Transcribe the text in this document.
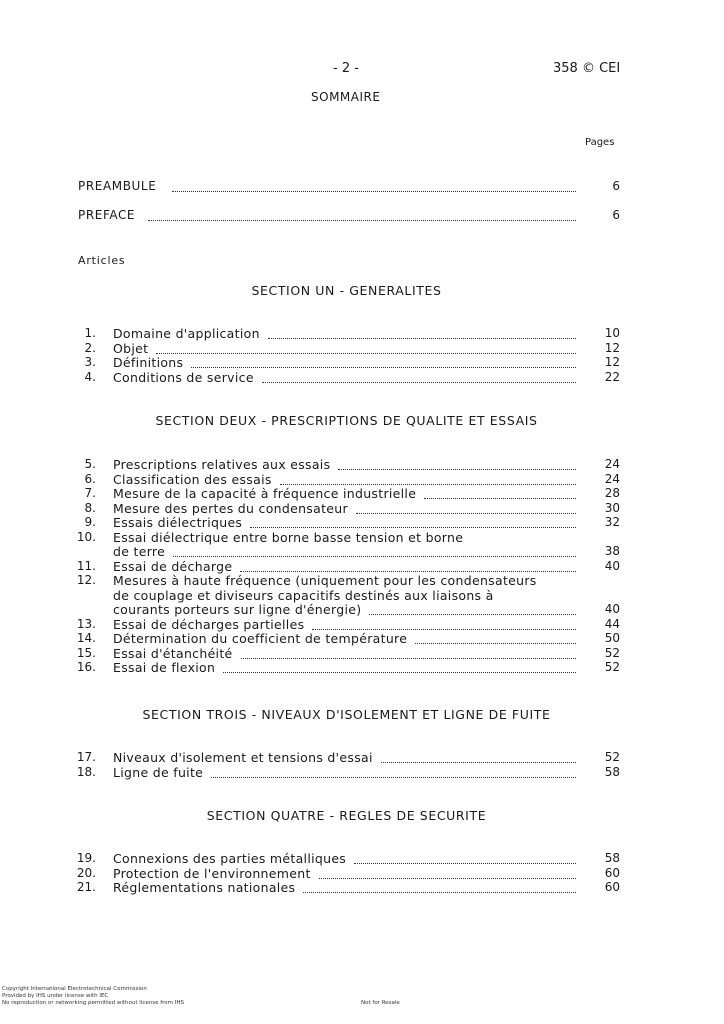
- 2 -	358 © CEI
SOMMAIRE
Pages
PREAMBULE	6
PREFACE	6
Articles
SECTION UN - GENERALITES
1. Domaine d'application	10
2. Objet	12
3. Définitions	12
4. Conditions de service	22
SECTION DEUX - PRESCRIPTIONS DE QUALITE ET ESSAIS
5. Prescriptions relatives aux essais	24
6. Classification des essais	24
7. Mesure de la capacité à fréquence industrielle	28
8. Mesure des pertes du condensateur	30
9. Essais diélectriques	32
10. Essai diélectrique entre borne basse tension et borne
de terre	38
11. Essai de décharge	40
12. Mesures à haute fréquence (uniquement pour les condensateurs
de couplage et diviseurs capacitifs destinés aux liaisons à
courants porteurs sur ligne d'énergie)	40
13. Essai de décharges partielles	44
14. Détermination du coefficient de température	50
15. Essai d'étanchéité	52
16. Essai de flexion	52
SECTION TROIS - NIVEAUX D'ISOLEMENT ET LIGNE DE FUITE
17. Niveaux d'isolement et tensions d'essai	52
18. Ligne de fuite	58
SECTION QUATRE - REGLES DE SECURITE
19. Connexions des parties métalliques	58
20. Protection de l'environnement	60
21. Réglementations nationales	60
Copyright International Electrotechnical Commission
Provided by IHS under license with IEC
No reproduction or networking permitted without license from IHS	Not for Resale
